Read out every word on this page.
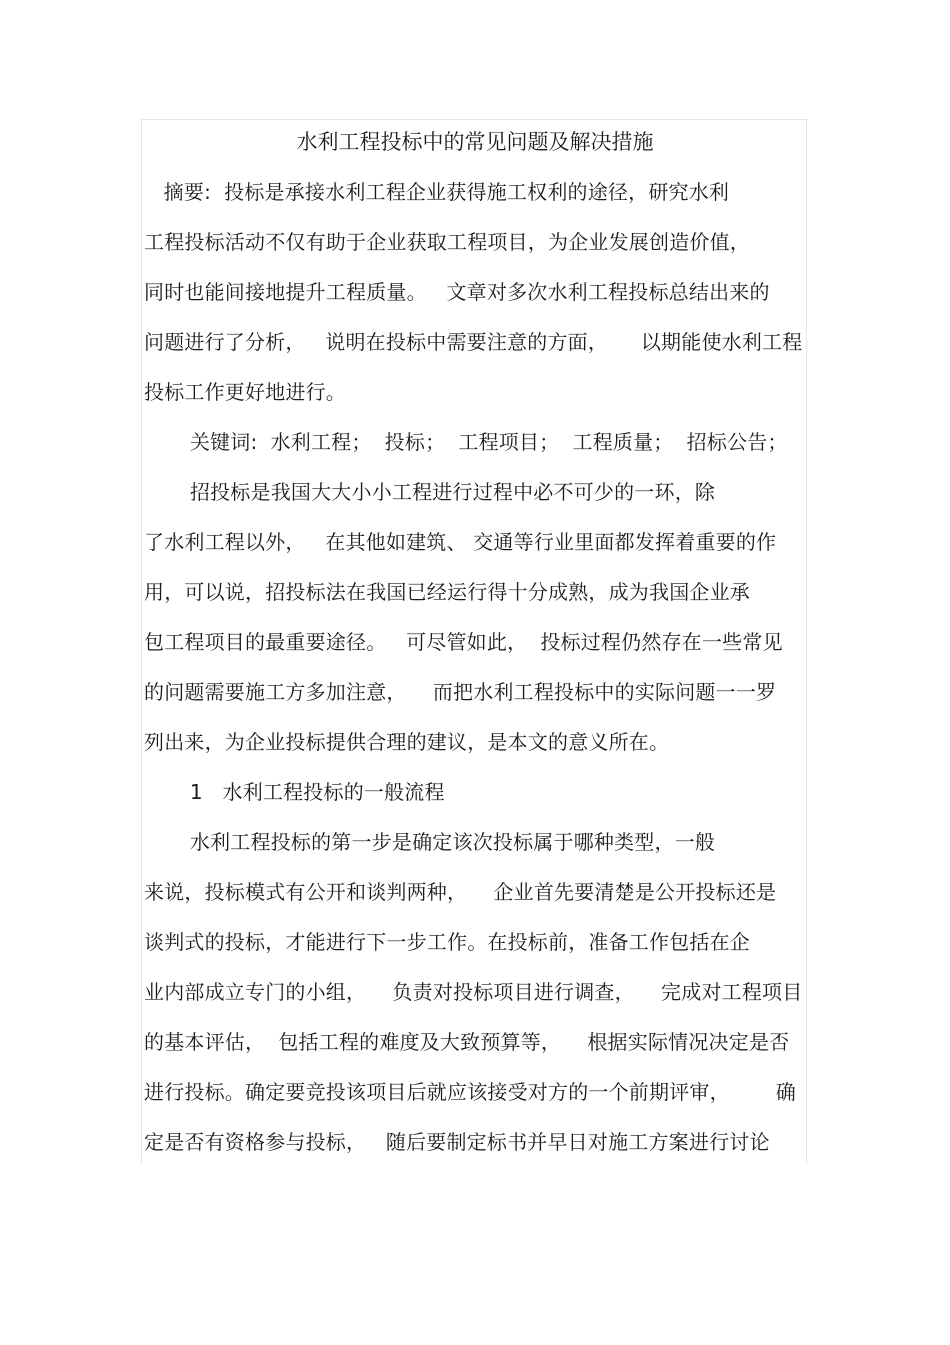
水利工程投标中的常见问题及解决措施
摘要:  投标是承接水利工程企业获得施工权利的途径，研究水利
工程投标活动不仅有助于企业获取工程项目，为企业发展创造价值，
同时也能间接地提升工程质量。   文章对多次水利工程投标总结出来的
问题进行了分析，   说明在投标中需要注意的方面，     以期能使水利工程
投标工作更好地进行。
关键词:  水利工程；  投标；  工程项目；  工程质量；  招标公告；
招投标是我国大大小小工程进行过程中必不可少的一环，除
了水利工程以外，   在其他如建筑、 交通等行业里面都发挥着重要的作
用，可以说，招投标法在我国已经运行得十分成熟，成为我国企业承
包工程项目的最重要途径。   可尽管如此，  投标过程仍然存在一些常见
的问题需要施工方多加注意，    而把水利工程投标中的实际问题一一罗
列出来，为企业投标提供合理的建议，是本文的意义所在。
1   水利工程投标的一般流程
水利工程投标的第一步是确定该次投标属于哪种类型，一般
来说，投标模式有公开和谈判两种，    企业首先要清楚是公开投标还是
谈判式的投标，才能进行下一步工作。在投标前，准备工作包括在企
业内部成立专门的小组，    负责对投标项目进行调查，    完成对工程项目
的基本评估，  包括工程的难度及大致预算等，    根据实际情况决定是否
进行投标。确定要竞投该项目后就应该接受对方的一个前期评审，       确
定是否有资格参与投标，   随后要制定标书并早日对施工方案进行讨论
